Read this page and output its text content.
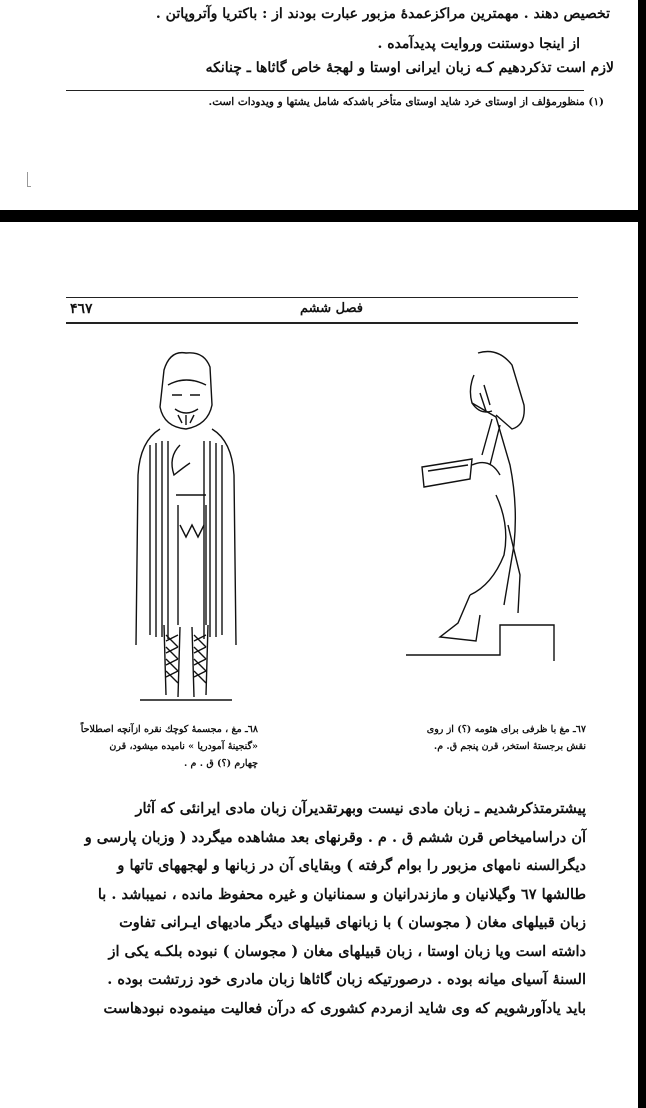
تخصیص دهند . مهمترین مراکزعمدهٔ مزبور عبارت بودند از : باکتریا وآتروپاتن .
از اینجا دوستنت وروایت پدیدآمده .
لازم است تذکردهیم کـه زبان ایرانی اوستا و لهجهٔ خاص گاثاها ـ چنانکه
(۱) منظورمؤلف از اوستای خرد شاید اوستای متأخر باشدکه شامل یشتها و ویدودات است.
۴٦٧	فصل ششم
٦٨ـ مغ ، مجسمهٔ کوچك نقره ازآنچه اصطلاحاً
«گنجینهٔ آمودریا » نامیده میشود، قرن
چهارم (؟) ق . م .
٦٧ـ مغ با ظرفی برای هئومه (؟) از روی
نقش برجستهٔ استخر، قرن پنجم ق. م.
پیشترمتذکرشدیم ـ زبان مادی نیست وبهرتقدیرآن زبان مادی ایرانئی که آثار
آن دراسامیخاص قرن ششم ق . م . وقرنهای بعد مشاهده میگردد ( وزبان پارسی و
دیگرالسنه نامهای مزبور را بوام گرفته ) وبقایای آن در زبانها و لهجههای تاتها و
طالشها ٦٧ وگیلانیان و مازندرانیان و سمنانیان و غیره محفوظ مانده ، نمیباشد . با
زبان قبیلهای مغان ( مجوسان ) با زبانهای قبیلهای دیگر مادیهای ایـرانی تفاوت
داشته است ویا زبان اوستا ، زبان قبیلهای مغان ( مجوسان ) نبوده بلکـه یکی از
السنهٔ آسیای میانه بوده . درصورتیکه زبان گاثاها زبان مادری خود زرتشت بوده .
باید یادآورشویم که وی شاید ازمردم کشوری که درآن فعالیت مینموده نبودهاست
